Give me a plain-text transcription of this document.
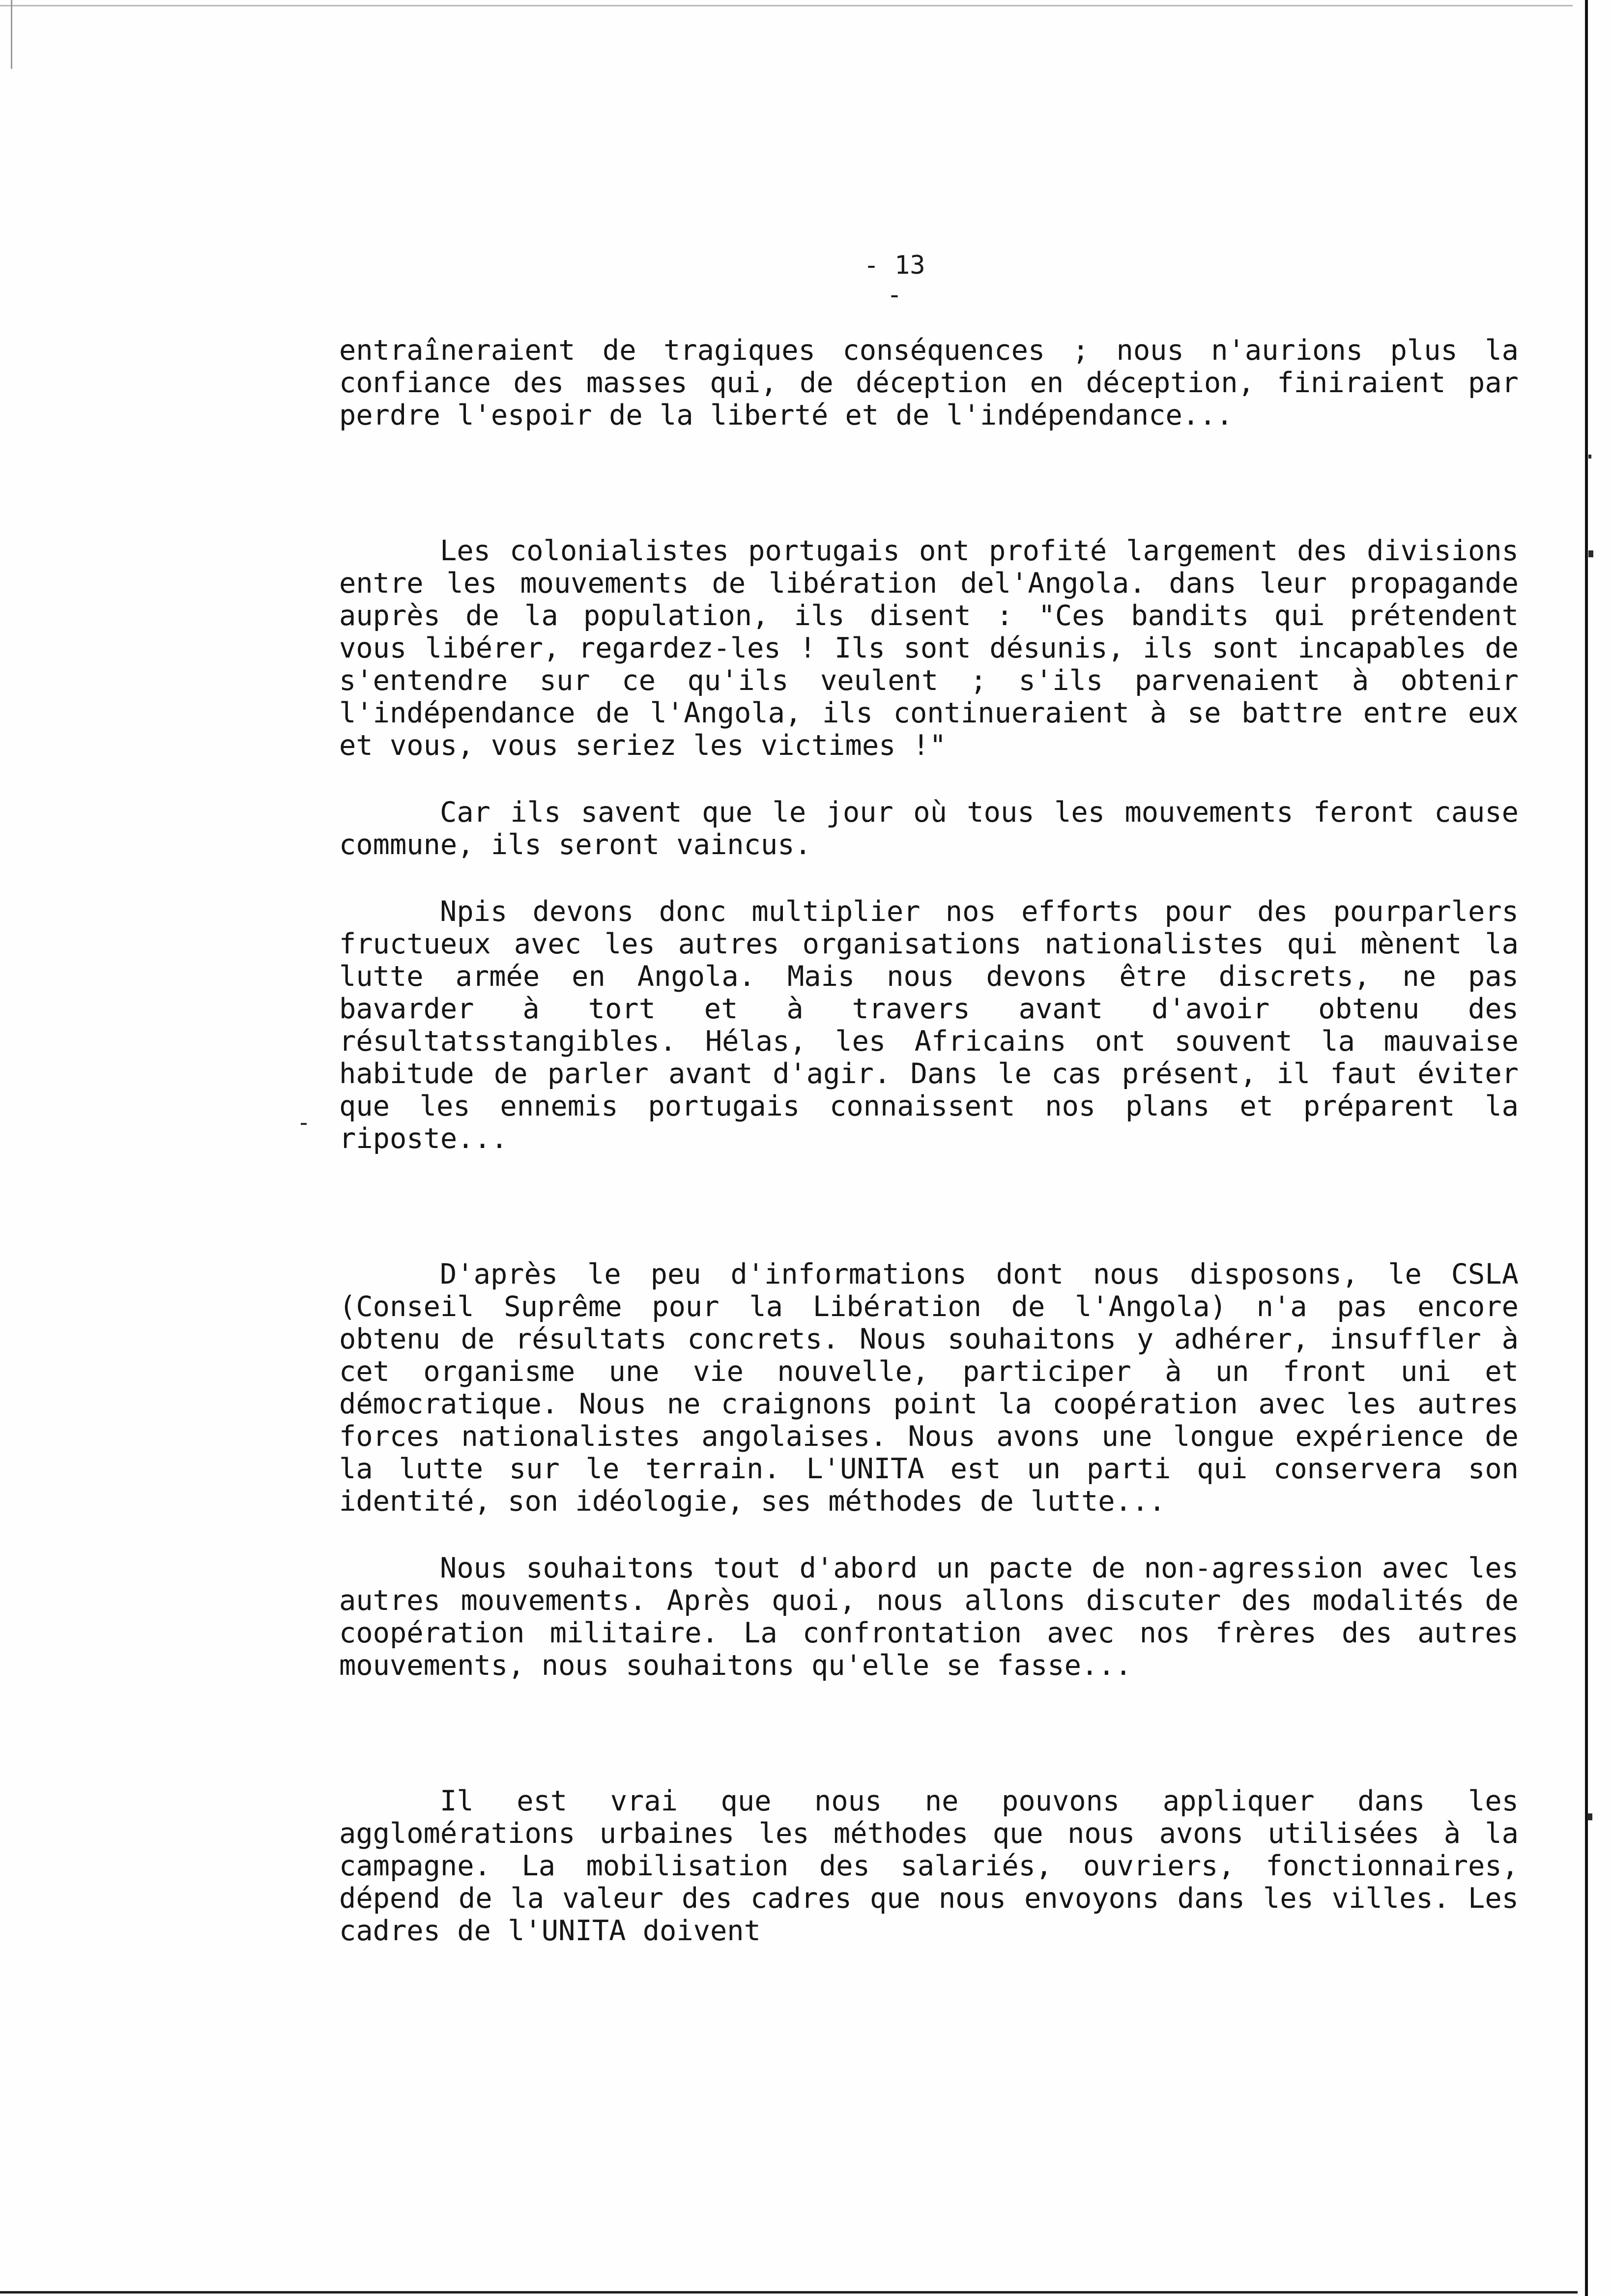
- 13 -

entraîneraient de tragiques conséquences ; nous n'aurions plus la confiance des masses qui, de déception en déception, finiraient par perdre l'espoir de la liberté et de l'indépendance...

Les colonialistes portugais ont profité largement des divisions entre les mouvements de libération del'Angola. dans leur propagande auprès de la population, ils disent : "Ces bandits qui prétendent vous libérer, regardez-les ! Ils sont désunis, ils sont incapables de s'entendre sur ce qu'ils veulent ; s'ils parvenaient à obtenir l'indépendance de l'Angola, ils continueraient à se battre entre eux et vous, vous seriez les victimes !"

Car ils savent que le jour où tous les mouvements feront cause commune, ils seront vaincus.

Npis devons donc multiplier nos efforts pour des pourparlers fructueux avec les autres organisations nationalistes qui mènent la lutte armée en Angola. Mais nous devons être discrets, ne pas bavarder à tort et à travers avant d'avoir obtenu des résultatsstangibles. Hélas, les Africains ont souvent la mauvaise habitude de parler avant d'agir. Dans le cas présent, il faut éviter que les ennemis portugais connaissent nos plans et préparent la riposte...

D'après le peu d'informations dont nous disposons, le CSLA (Conseil Suprême pour la Libération de l'Angola) n'a pas encore obtenu de résultats concrets. Nous souhaitons y adhérer, insuffler à cet organisme une vie nouvelle, participer à un front uni et démocratique. Nous ne craignons point la coopération avec les autres forces nationalistes angolaises. Nous avons une longue expérience de la lutte sur le terrain. L'UNITA est un parti qui conservera son identité, son idéologie, ses méthodes de lutte...

Nous souhaitons tout d'abord un pacte de non-agression avec les autres mouvements. Après quoi, nous allons discuter des modalités de coopération militaire. La confrontation avec nos frères des autres mouvements, nous souhaitons qu'elle se fasse...

Il est vrai que nous ne pouvons appliquer dans les agglomérations urbaines les méthodes que nous avons utilisées à la campagne. La mobilisation des salariés, ouvriers, fonctionnaires, dépend de la valeur des cadres que nous envoyons dans les villes. Les cadres de l'UNITA doivent
